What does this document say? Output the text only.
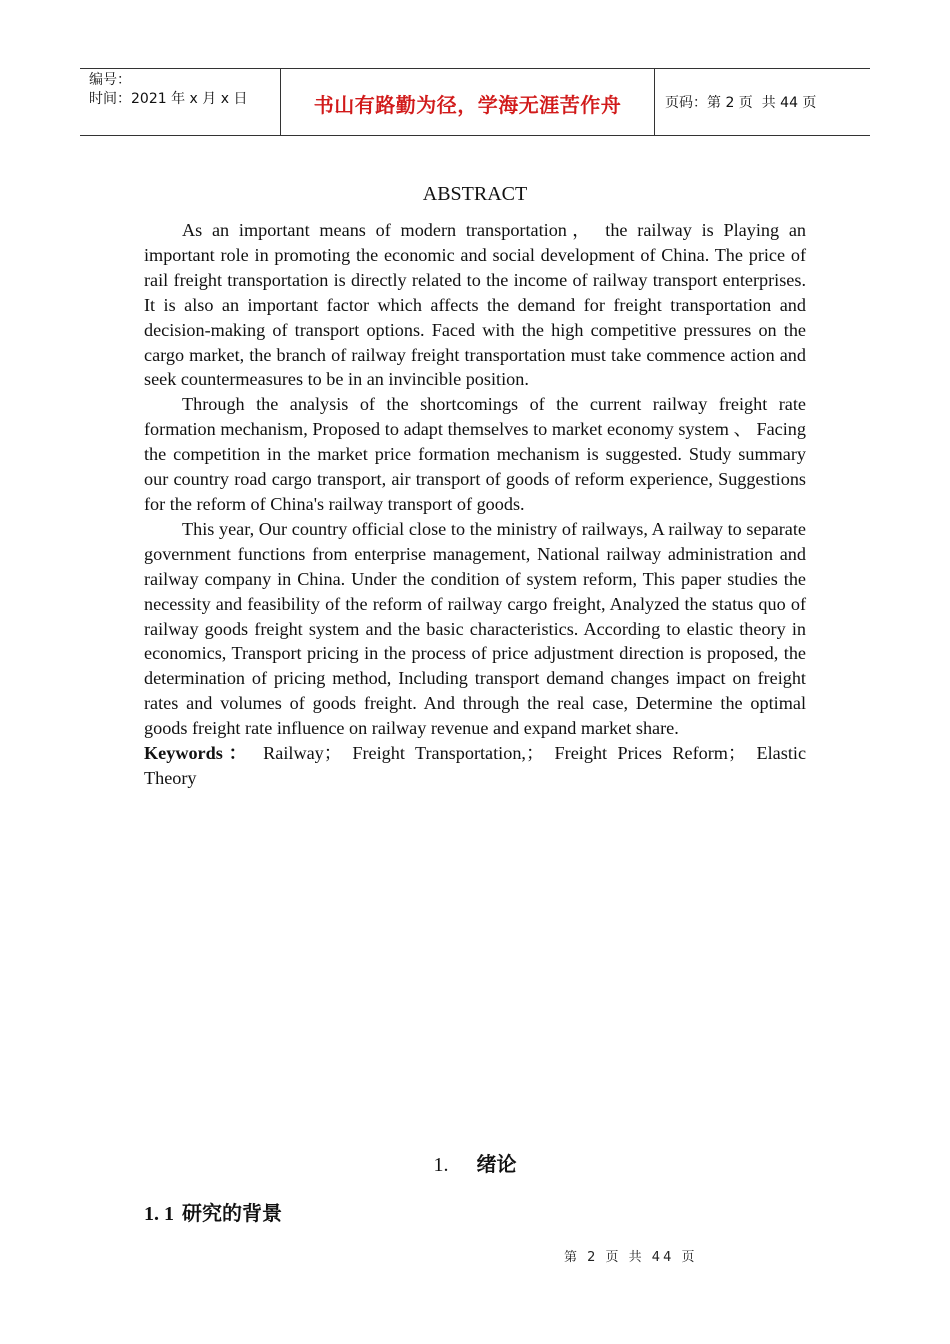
编号：
时间：2021 年 x 月 x 日	书山有路勤为径，学海无涯苦作舟	页码：第 2 页  共 44 页
ABSTRACT

As an important means of modern transportation， the railway is Playing an important role in promoting the economic and social development of China. The price of rail freight transportation is directly related to the income of railway transport enterprises. It is also an important factor which affects the demand for freight transportation and decision-making of transport options. Faced with the high competitive pressures on the cargo market, the branch of railway freight transportation must take commence action and seek countermeasures to be in an invincible position.

Through the analysis of the shortcomings of the current railway freight rate formation mechanism, Proposed to adapt themselves to market economy system 、 Facing the competition in the market price formation mechanism is suggested. Study summary our country road cargo transport, air transport of goods of reform experience, Suggestions for the reform of China's railway transport of goods.

This year, Our country official close to the ministry of railways, A railway to separate government functions from enterprise management, National railway administration and railway company in China. Under the condition of system reform, This paper studies the necessity and feasibility of the reform of railway cargo freight, Analyzed the status quo of railway goods freight system and the basic characteristics. According to elastic theory in economics, Transport pricing in the process of price adjustment direction is proposed, the determination of pricing method, Including transport demand changes impact on freight rates and volumes of goods freight. And through the real case, Determine the optimal goods freight rate influence on railway revenue and expand market share.

Keywords： Railway； Freight Transportation,； Freight Prices Reform； Elastic Theory
1. 绪论
1. 1 研究的背景
第 2 页 共 44 页
